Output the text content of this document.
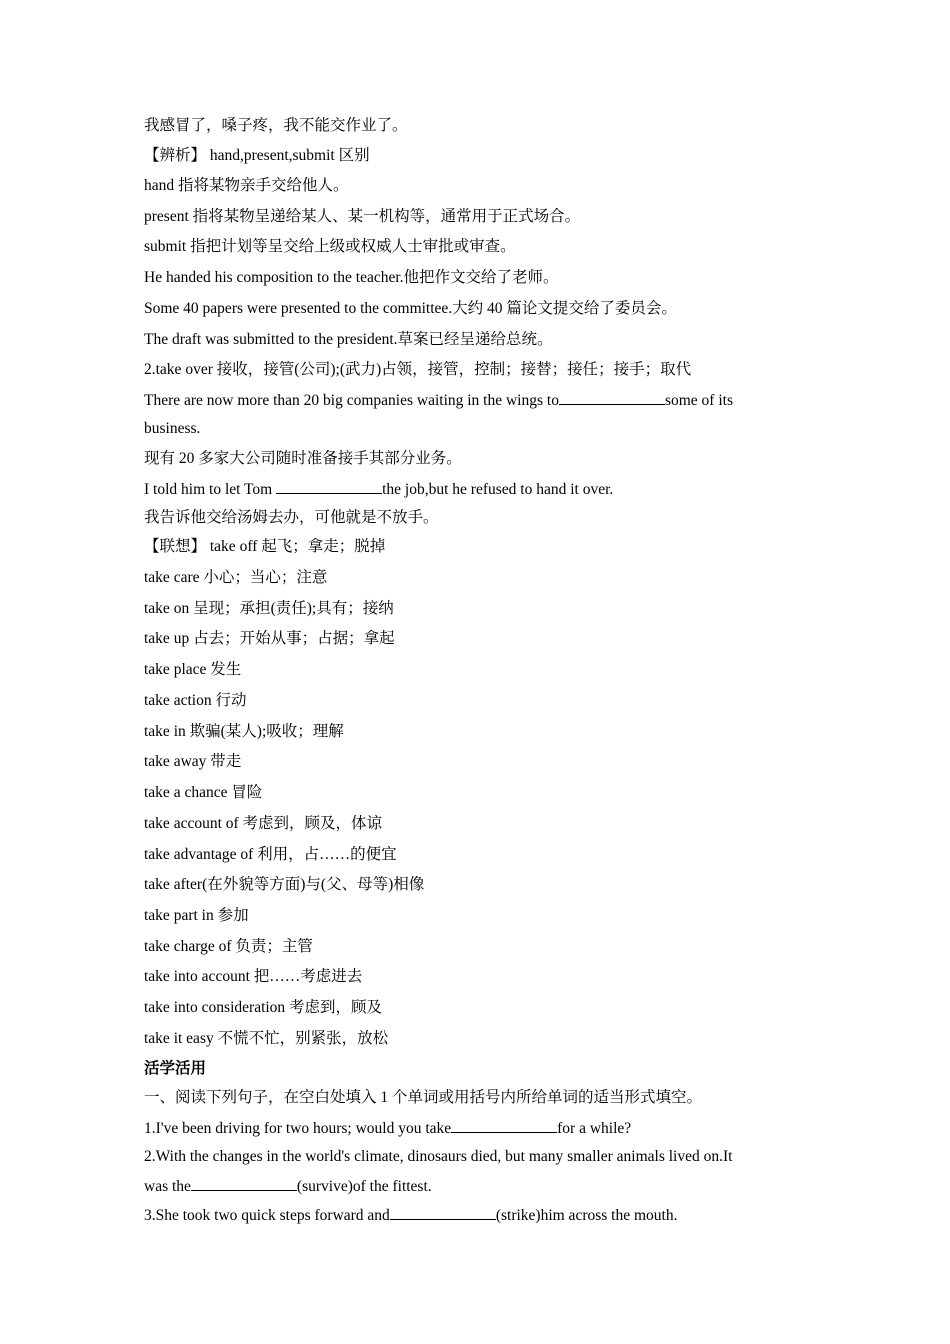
我感冒了，嗓子疼，我不能交作业了。
【辨析】 hand,present,submit 区别
hand 指将某物亲手交给他人。
present 指将某物呈递给某人、某一机构等，通常用于正式场合。
submit 指把计划等呈交给上级或权威人士审批或审查。
He handed his composition to the teacher.他把作文交给了老师。
Some 40 papers were presented to the committee.大约 40 篇论文提交给了委员会。
The draft was submitted to the president.草案已经呈递给总统。
2.take over 接收，接管(公司);(武力)占领，接管，控制；接替；接任；接手；取代
There are now more than 20 big companies waiting in the wings to	some of its
business.
现有 20 多家大公司随时准备接手其部分业务。
I told him to let Tom	the job,but he refused to hand it over.
我告诉他交给汤姆去办，可他就是不放手。
【联想】 take off 起飞；拿走；脱掉
take care 小心；当心；注意
take on 呈现；承担(责任);具有；接纳
take up 占去；开始从事；占据；拿起
take place 发生
take action 行动
take in 欺骗(某人);吸收；理解
take away 带走
take a chance 冒险
take account of 考虑到，顾及，体谅
take advantage of 利用，占……的便宜
take after(在外貌等方面)与(父、母等)相像
take part in 参加
take charge of 负责；主管
take into account 把……考虑进去
take into consideration 考虑到，顾及
take it easy 不慌不忙，别紧张，放松
活学活用
一、阅读下列句子，在空白处填入 1 个单词或用括号内所给单词的适当形式填空。
1.I've been driving for two hours; would you take	for a while?
2.With the changes in the world's climate, dinosaurs died, but many smaller animals lived on.It
was the	(survive)of the fittest.
3.She took two quick steps forward and	(strike)him across the mouth.
